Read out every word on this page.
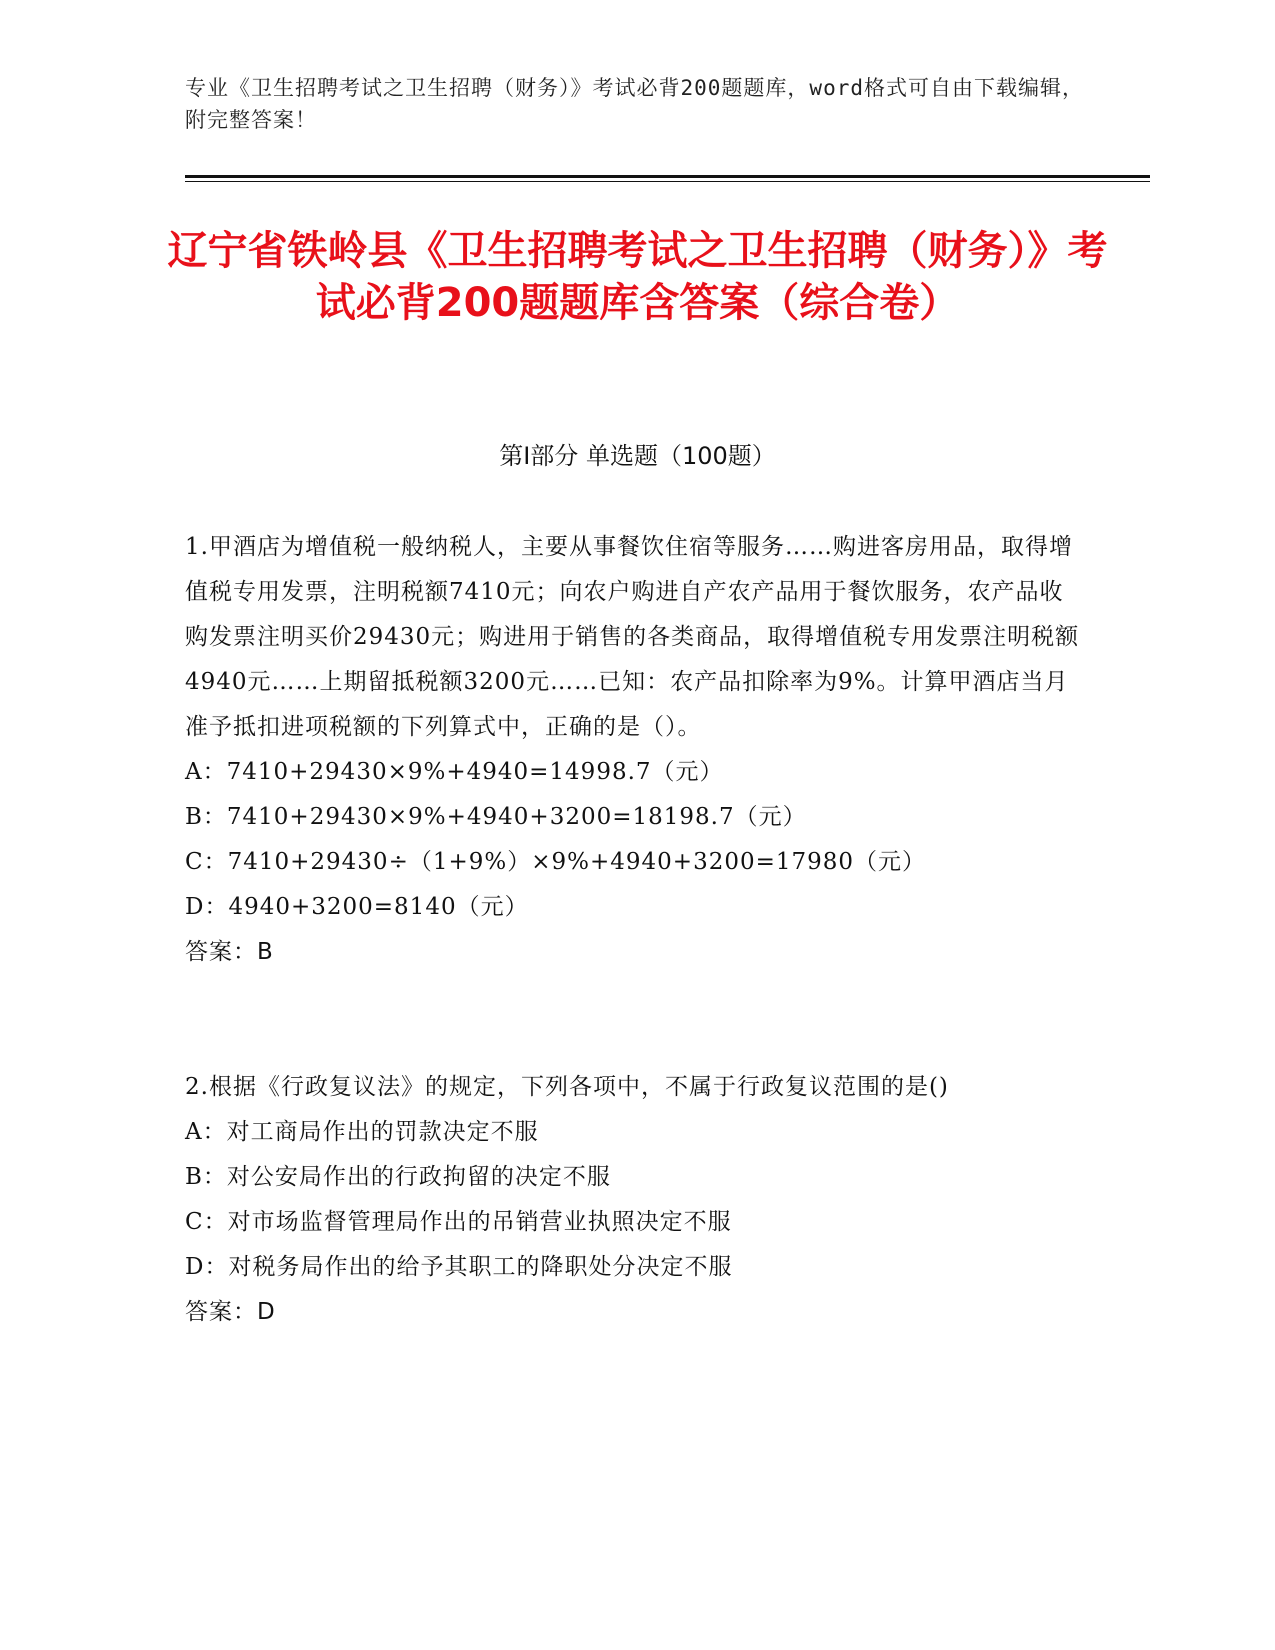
专业《卫生招聘考试之卫生招聘（财务）》考试必背200题题库，word格式可自由下载编辑，附完整答案！
辽宁省铁岭县《卫生招聘考试之卫生招聘（财务）》考试必背200题题库含答案（综合卷）
第I部分 单选题（100题）
1.甲酒店为增值税一般纳税人，主要从事餐饮住宿等服务……购进客房用品，取得增值税专用发票，注明税额7410元；向农户购进自产农产品用于餐饮服务，农产品收购发票注明买价29430元；购进用于销售的各类商品，取得增值税专用发票注明税额4940元……上期留抵税额3200元……已知：农产品扣除率为9%。计算甲酒店当月准予抵扣进项税额的下列算式中，正确的是（）。
A：7410+29430×9%+4940=14998.7（元）
B：7410+29430×9%+4940+3200=18198.7（元）
C：7410+29430÷（1+9%）×9%+4940+3200=17980（元）
D：4940+3200=8140（元）
答案：B
2.根据《行政复议法》的规定，下列各项中，不属于行政复议范围的是()
A：对工商局作出的罚款决定不服
B：对公安局作出的行政拘留的决定不服
C：对市场监督管理局作出的吊销营业执照决定不服
D：对税务局作出的给予其职工的降职处分决定不服
答案：D
